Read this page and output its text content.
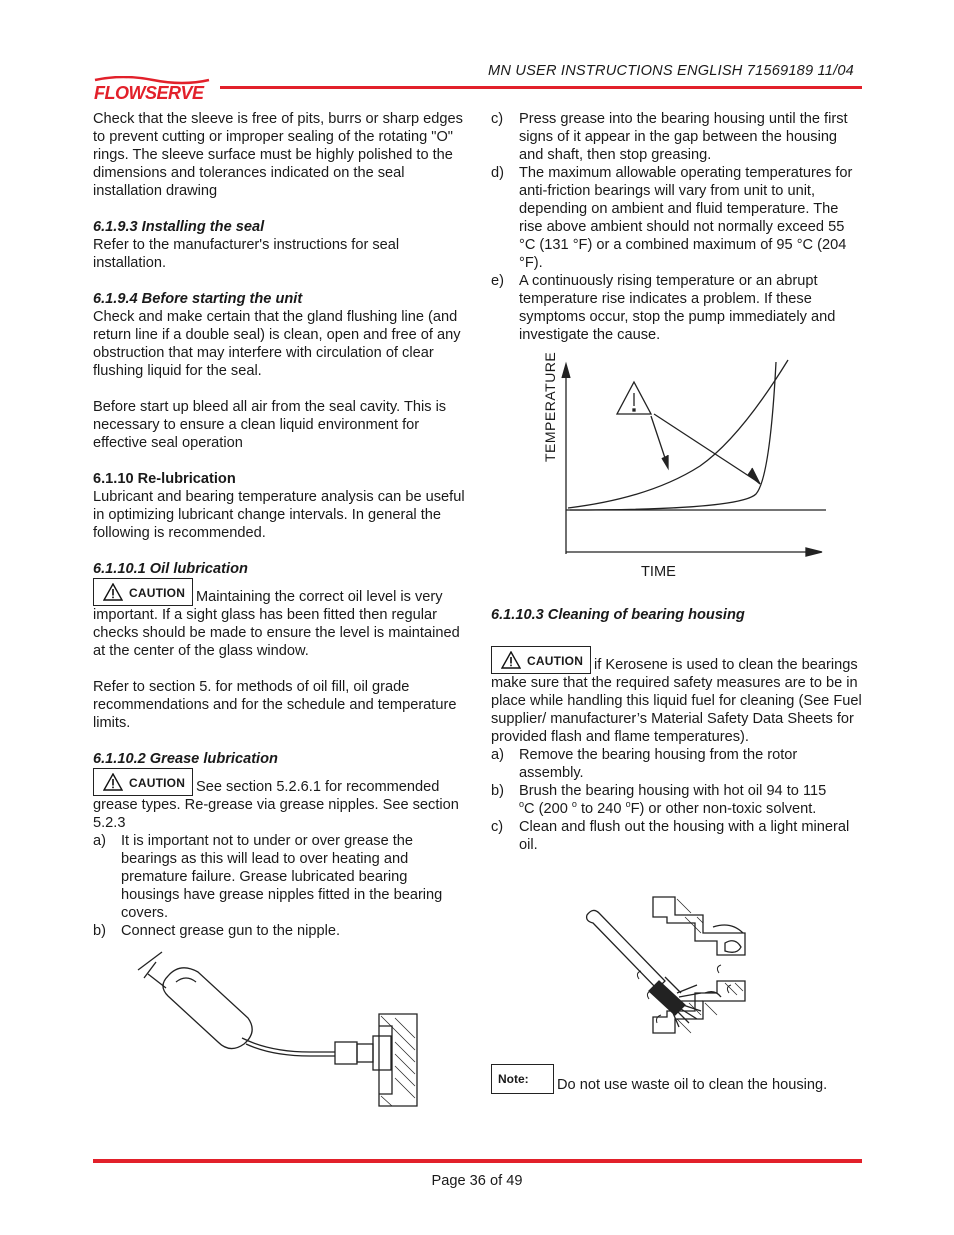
MN USER INSTRUCTIONS ENGLISH 71569189 11/04
FLOWSERVE

Check that the sleeve is free of pits, burrs or sharp edges to prevent cutting or improper sealing of the rotating "O" rings. The sleeve surface must be highly polished to the dimensions and tolerances indicated on the seal installation drawing

6.1.9.3 Installing the seal

Refer to the manufacturer's instructions for seal installation.

6.1.9.4 Before starting the unit

Check and make certain that the gland flushing line (and return line if a double seal) is clean, open and free of any obstruction that may interfere with circulation of clear flushing liquid for the seal.

Before start up bleed all air from the seal cavity. This is necessary to ensure a clean liquid environment for effective seal operation

6.1.10 Re-lubrication

Lubricant and bearing temperature analysis can be useful in optimizing lubricant change intervals. In general the following is recommended.

6.1.10.1 Oil lubrication

CAUTION Maintaining the correct oil level is very important. If a sight glass has been fitted then regular checks should be made to ensure the level is maintained at the center of the glass window.

Refer to section 5. for methods of oil fill, oil grade recommendations and for the schedule and temperature limits.

6.1.10.2 Grease lubrication

CAUTION See section 5.2.6.1 for recommended grease types. Re-grease via grease nipples. See section 5.2.3

a) It is important not to under or over grease the bearings as this will lead to over heating and premature failure. Grease lubricated bearing housings have grease nipples fitted in the bearing covers.
b) Connect grease gun to the nipple.
c) Press grease into the bearing housing until the first signs of it appear in the gap between the housing and shaft, then stop greasing.
d) The maximum allowable operating temperatures for anti-friction bearings will vary from unit to unit, depending on ambient and fluid temperature. The rise above ambient should not normally exceed 55 °C (131 °F) or a combined maximum of 95 °C (204 °F).
e) A continuously rising temperature or an abrupt temperature rise indicates a problem. If these symptoms occur, stop the pump immediately and investigate the cause.
TEMPERATURE
TIME

6.1.10.3 Cleaning of bearing housing

CAUTION if Kerosene is used to clean the bearings make sure that the required safety measures are to be in place while handling this liquid fuel for cleaning (See Fuel supplier/ manufacturer’s Material Safety Data Sheets for provided flash and flame temperatures).

a) Remove the bearing housing from the rotor assembly.
b) Brush the bearing housing with hot oil 94 to 115
$^o$C (200 $^o$ to 240 $^o$F) or other non-toxic solvent.
c) Clean and flush out the housing with a light mineral oil.
Note: Do not use waste oil to clean the housing.
Page 36 of 49
